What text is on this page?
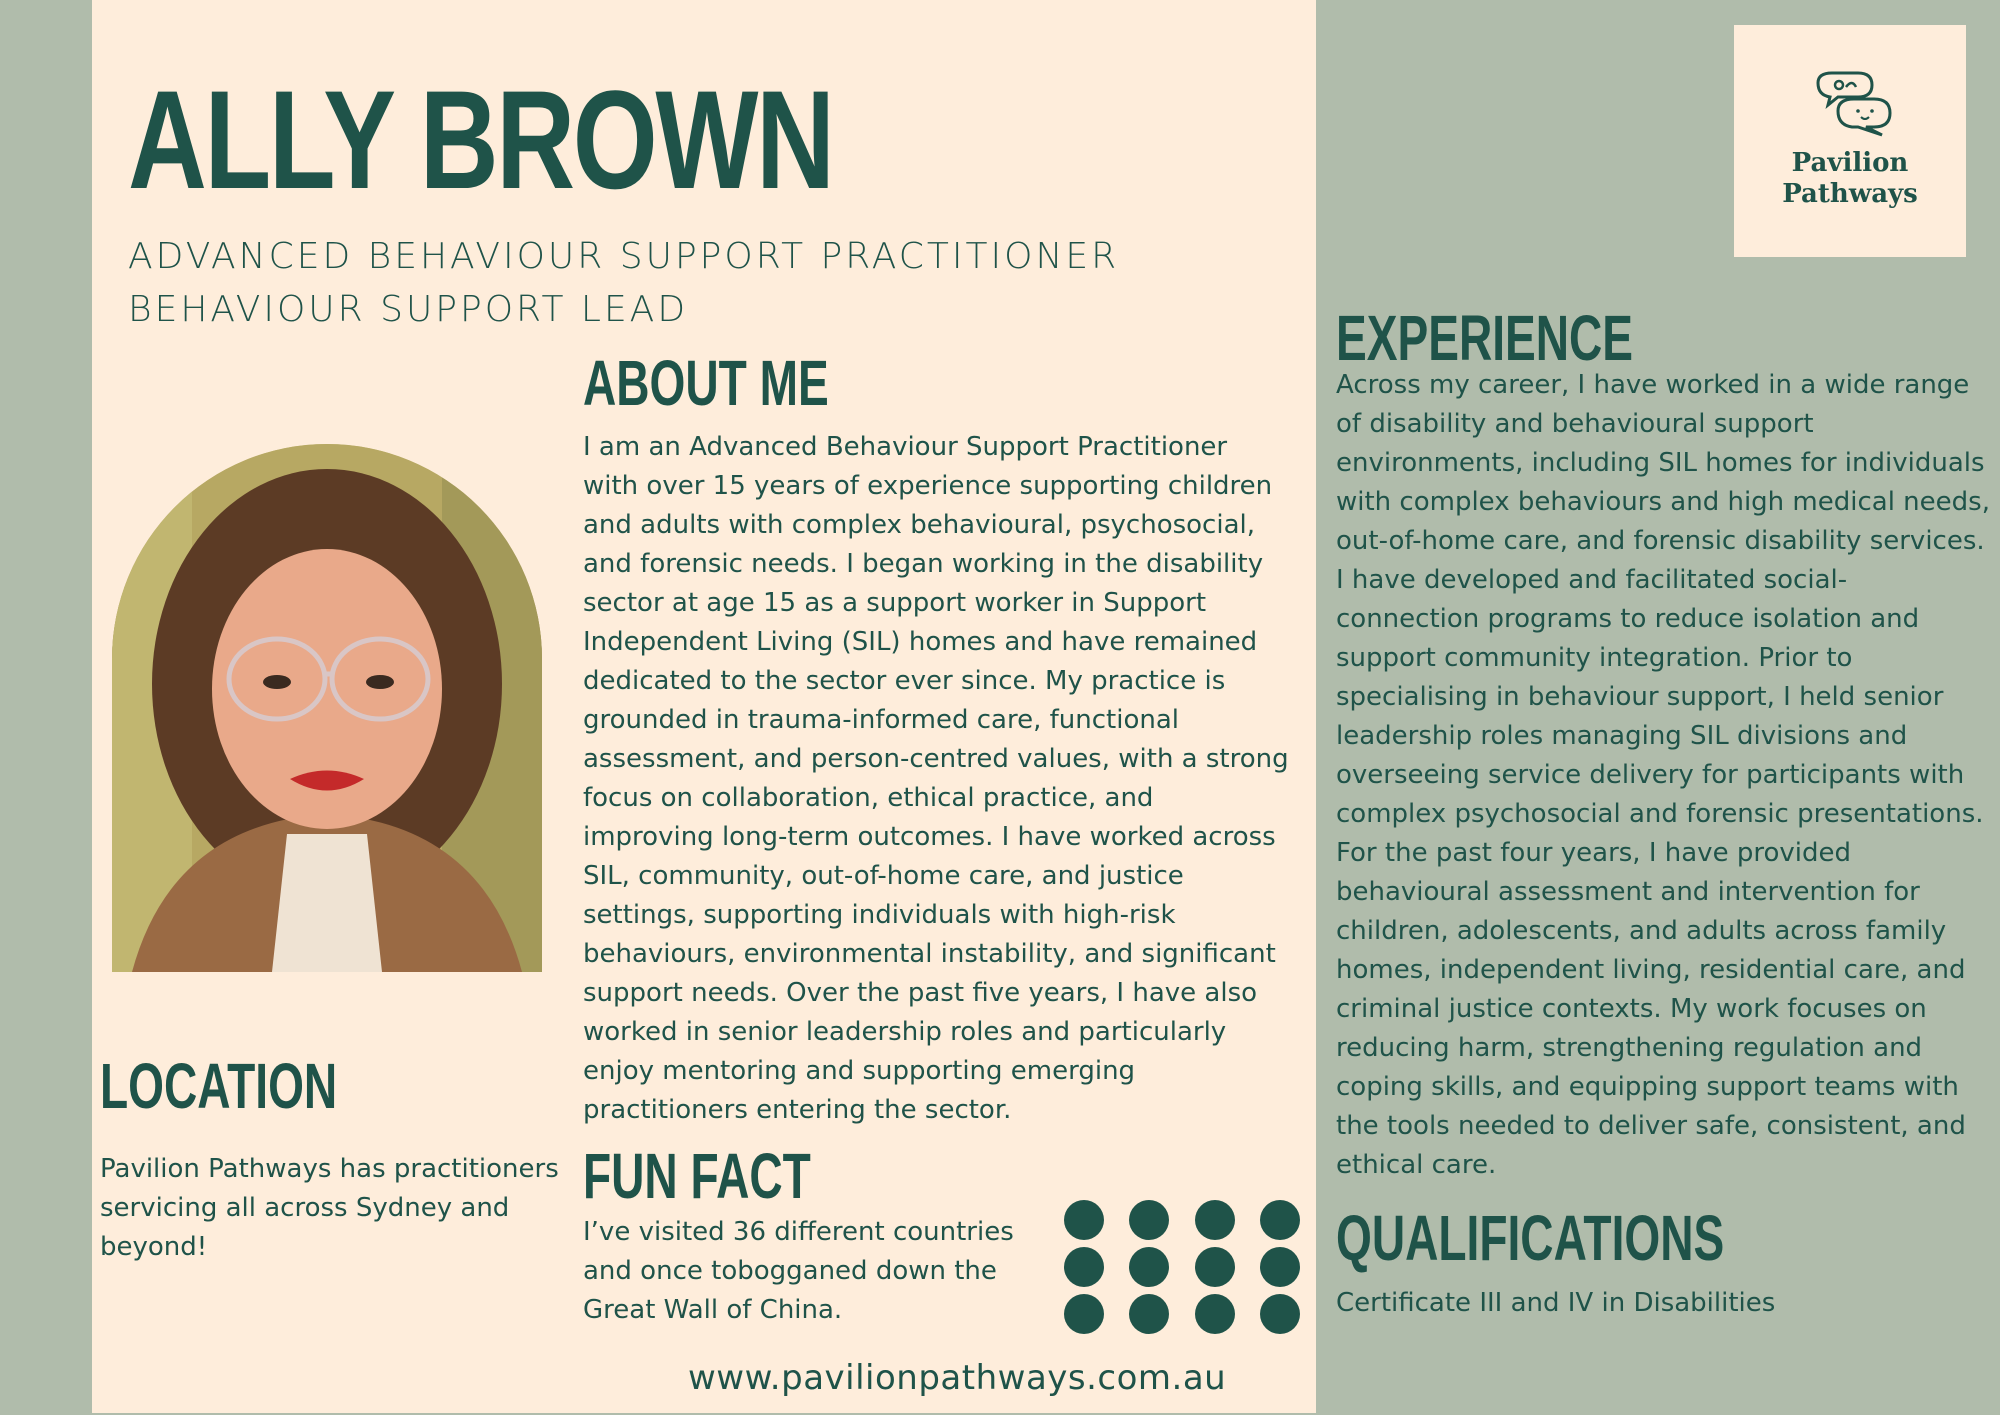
ALLY BROWN
ADVANCED BEHAVIOUR SUPPORT PRACTITIONER
BEHAVIOUR SUPPORT LEAD
ABOUT ME
I am an Advanced Behaviour Support Practitioner
with over 15 years of experience supporting children
and adults with complex behavioural, psychosocial,
and forensic needs. I began working in the disability
sector at age 15 as a support worker in Support
Independent Living (SIL) homes and have remained
dedicated to the sector ever since. My practice is
grounded in trauma-informed care, functional
assessment, and person-centred values, with a strong
focus on collaboration, ethical practice, and
improving long-term outcomes. I have worked across
SIL, community, out-of-home care, and justice
settings, supporting individuals with high-risk
behaviours, environmental instability, and significant
support needs. Over the past five years, I have also
worked in senior leadership roles and particularly
enjoy mentoring and supporting emerging
practitioners entering the sector.
FUN FACT
I’ve visited 36 different countries
and once tobogganed down the
Great Wall of China.
LOCATION
Pavilion Pathways has practitioners
servicing all across Sydney and
beyond!
Pavilion
Pathways
EXPERIENCE
Across my career, I have worked in a wide range
of disability and behavioural support
environments, including SIL homes for individuals
with complex behaviours and high medical needs,
out-of-home care, and forensic disability services.
I have developed and facilitated social-
connection programs to reduce isolation and
support community integration. Prior to
specialising in behaviour support, I held senior
leadership roles managing SIL divisions and
overseeing service delivery for participants with
complex psychosocial and forensic presentations.
For the past four years, I have provided
behavioural assessment and intervention for
children, adolescents, and adults across family
homes, independent living, residential care, and
criminal justice contexts. My work focuses on
reducing harm, strengthening regulation and
coping skills, and equipping support teams with
the tools needed to deliver safe, consistent, and
ethical care.
QUALIFICATIONS
Certificate III and IV in Disabilities
www.pavilionpathways.com.au
